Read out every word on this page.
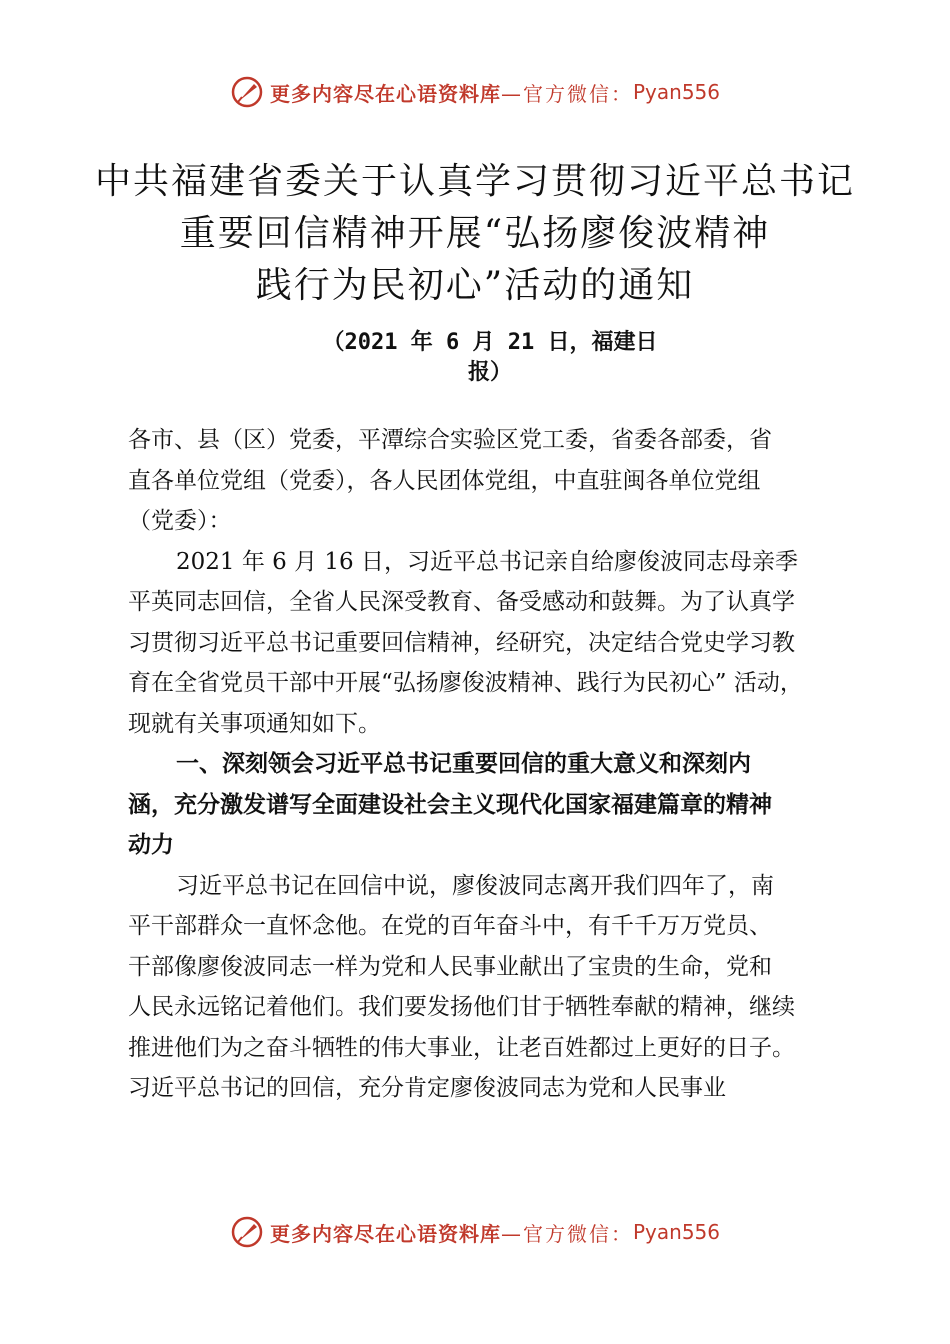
更多内容尽在心语资料库 —官方微信： Pyan556
中共福建省委关于认真学习贯彻习近平总书记
重要回信精神开展“弘扬廖俊波精神
践行为民初心”活动的通知
（2021 年 6 月 21 日，福建日
报）
各市、县（区）党委，平潭综合实验区党工委，省委各部委，省
直各单位党组（党委），各人民团体党组，中直驻闽各单位党组
（党委）：
2021 年 6 月 16 日，习近平总书记亲自给廖俊波同志母亲季
平英同志回信，全省人民深受教育、备受感动和鼓舞。为了认真学
习贯彻习近平总书记重要回信精神，经研究，决定结合党史学习教
育在全省党员干部中开展“弘扬廖俊波精神、践行为民初心” 活动，
现就有关事项通知如下。
一、深刻领会习近平总书记重要回信的重大意义和深刻内
涵，充分激发谱写全面建设社会主义现代化国家福建篇章的精神
动力
习近平总书记在回信中说，廖俊波同志离开我们四年了，南
平干部群众一直怀念他。在党的百年奋斗中，有千千万万党员、
干部像廖俊波同志一样为党和人民事业献出了宝贵的生命，党和
人民永远铭记着他们。我们要发扬他们甘于牺牲奉献的精神，继续
推进他们为之奋斗牺牲的伟大事业，让老百姓都过上更好的日子。
习近平总书记的回信，充分肯定廖俊波同志为党和人民事业
更多内容尽在心语资料库 —官方微信： Pyan556
